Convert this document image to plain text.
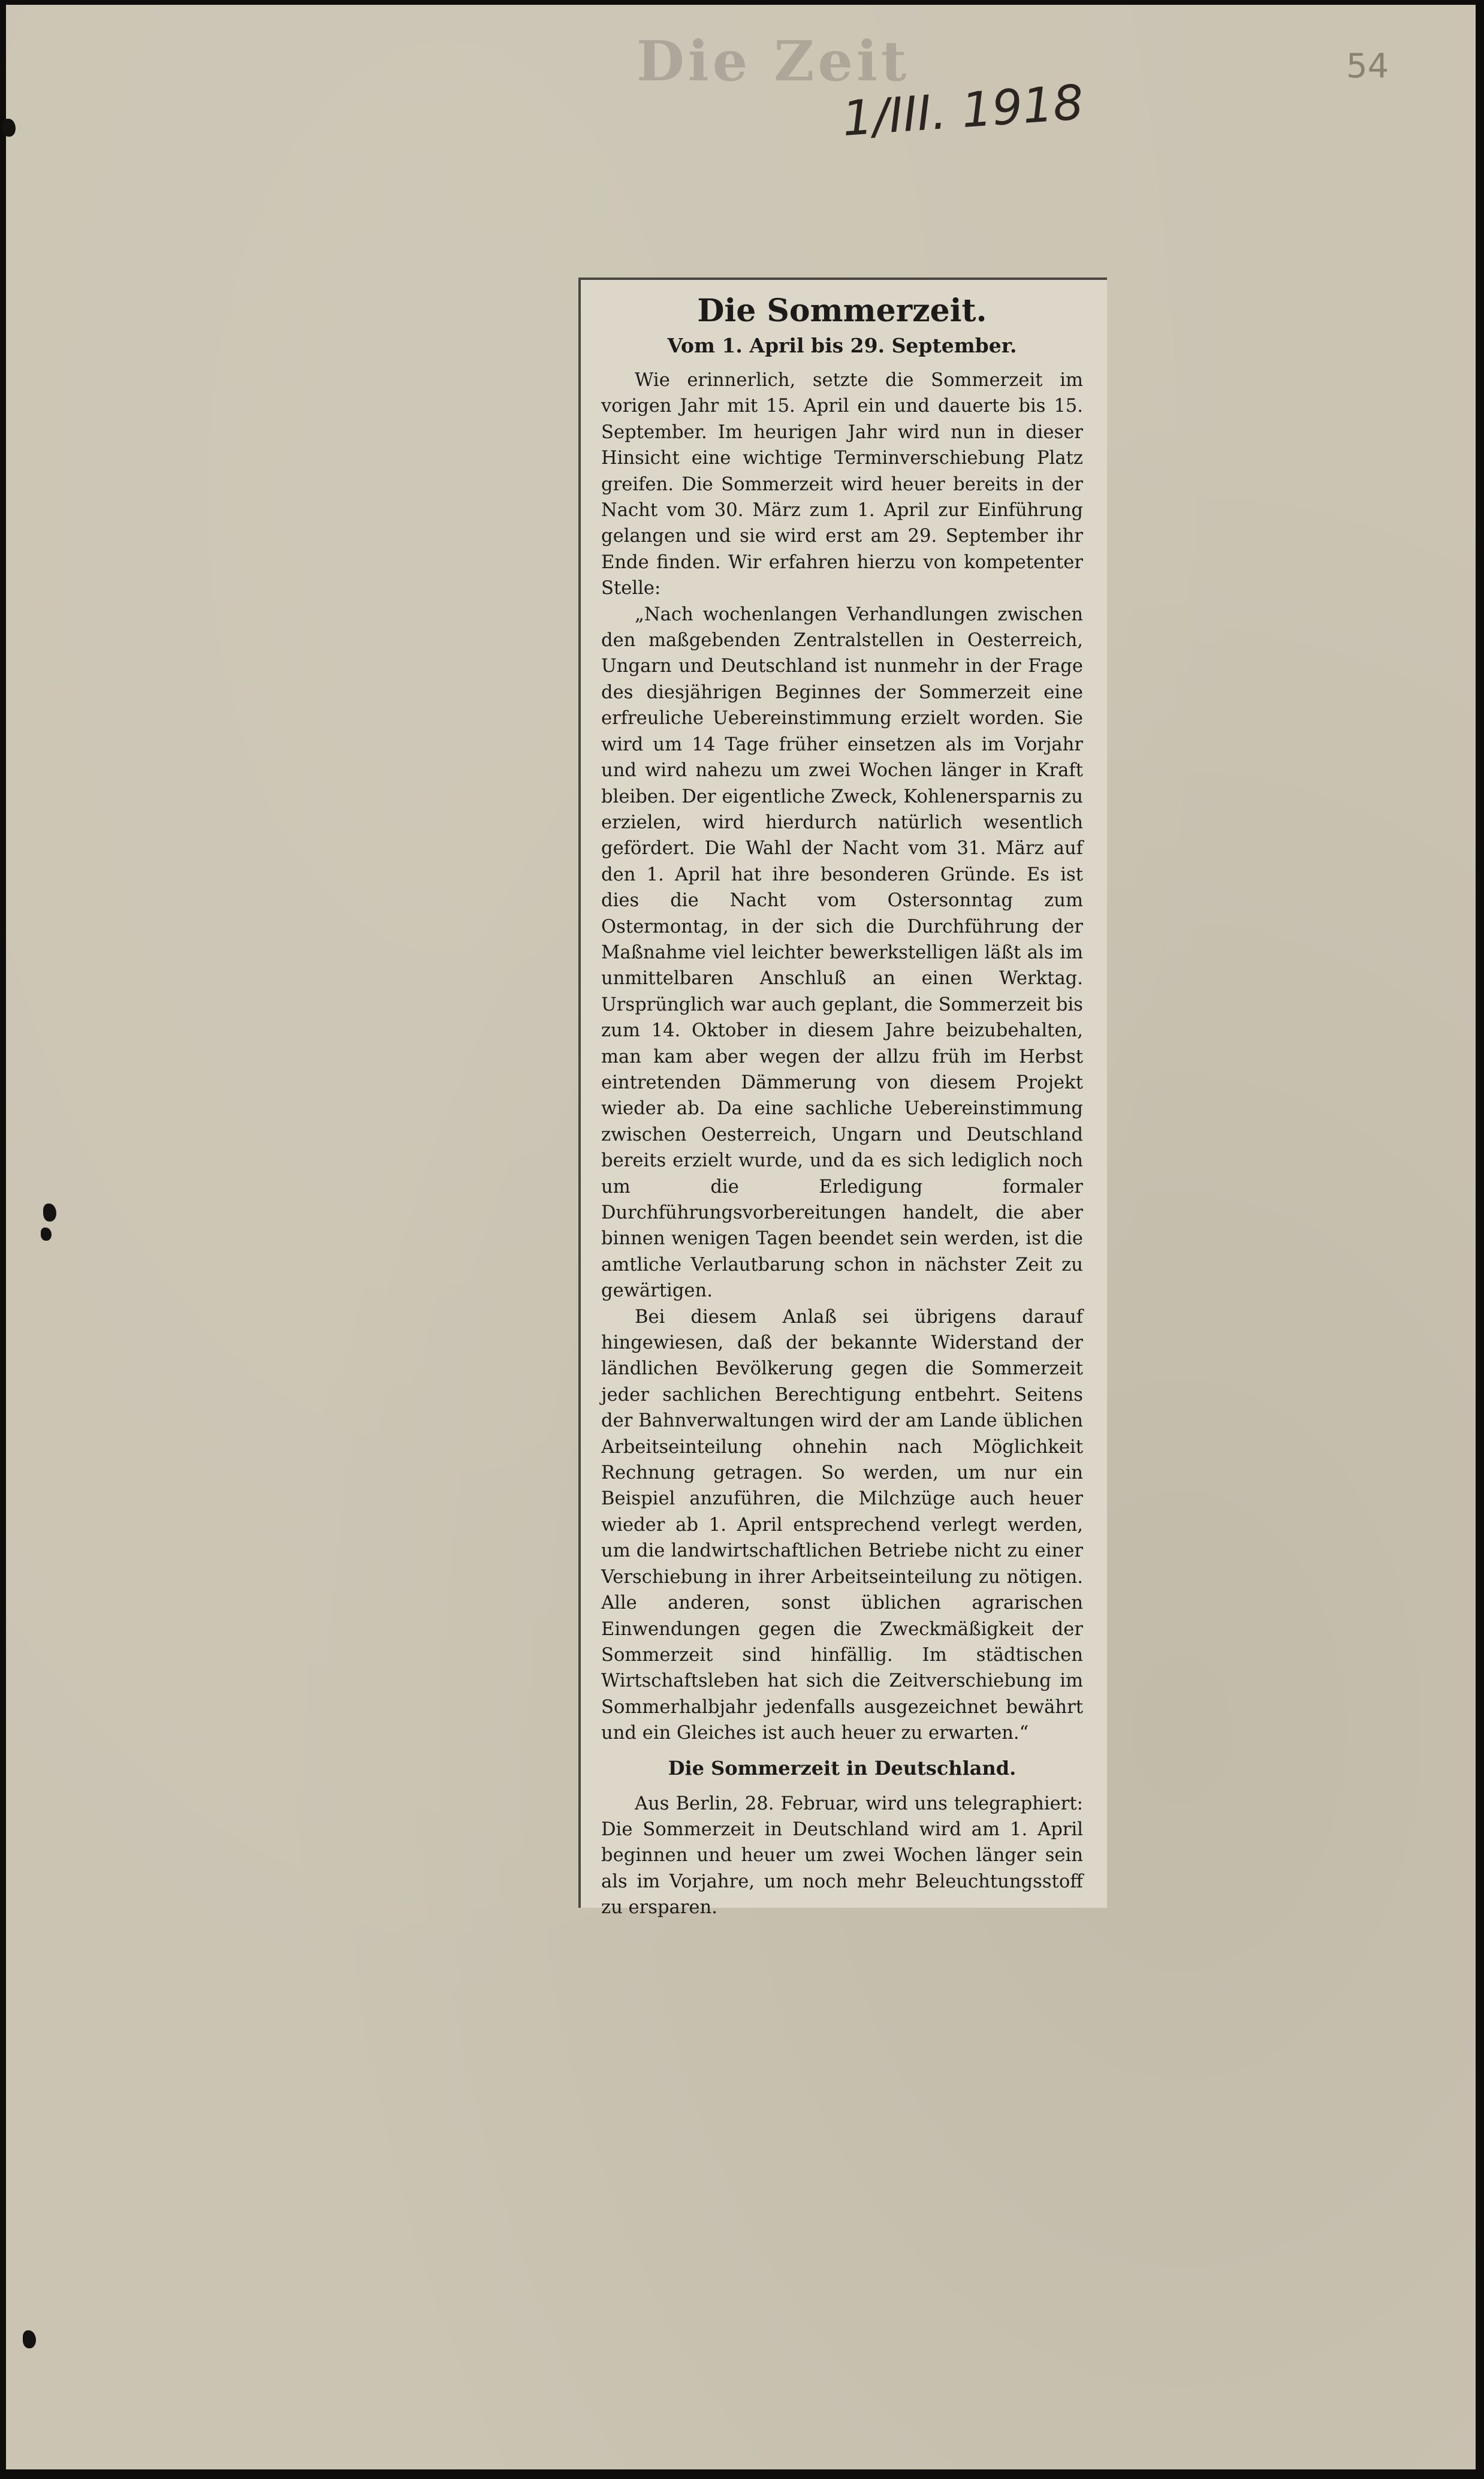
Die Zeit
1/III. 1918
54
Die Sommerzeit.
Vom 1. April bis 29. September.

Wie erinnerlich, setzte die Sommerzeit im vorigen Jahr mit 15. April ein und dauerte bis 15. September. Im heurigen Jahr wird nun in dieser Hinsicht eine wichtige Terminverschiebung Platz greifen. Die Sommerzeit wird heuer bereits in der Nacht vom 30. März zum 1. April zur Einführung gelangen und sie wird erst am 29. September ihr Ende finden. Wir erfahren hierzu von kompetenter Stelle:

„Nach wochenlangen Verhandlungen zwischen den maßgebenden Zentralstellen in Oesterreich, Ungarn und Deutschland ist nunmehr in der Frage des diesjährigen Beginnes der Sommerzeit eine erfreuliche Uebereinstimmung erzielt worden. Sie wird um 14 Tage früher einsetzen als im Vorjahr und wird nahezu um zwei Wochen länger in Kraft bleiben. Der eigentliche Zweck, Kohlenersparnis zu erzielen, wird hierdurch natürlich wesentlich gefördert. Die Wahl der Nacht vom 31. März auf den 1. April hat ihre besonderen Gründe. Es ist dies die Nacht vom Ostersonntag zum Ostermontag, in der sich die Durchführung der Maßnahme viel leichter bewerkstelligen läßt als im unmittelbaren Anschluß an einen Werktag. Ursprünglich war auch geplant, die Sommerzeit bis zum 14. Oktober in diesem Jahre beizubehalten, man kam aber wegen der allzu früh im Herbst eintretenden Dämmerung von diesem Projekt wieder ab. Da eine sachliche Uebereinstimmung zwischen Oesterreich, Ungarn und Deutschland bereits erzielt wurde, und da es sich lediglich noch um die Erledigung formaler Durchführungsvorbereitungen handelt, die aber binnen wenigen Tagen beendet sein werden, ist die amtliche Verlautbarung schon in nächster Zeit zu gewärtigen.

Bei diesem Anlaß sei übrigens darauf hingewiesen, daß der bekannte Widerstand der ländlichen Bevölkerung gegen die Sommerzeit jeder sachlichen Berechtigung entbehrt. Seitens der Bahnverwaltungen wird der am Lande üblichen Arbeitseinteilung ohnehin nach Möglichkeit Rechnung getragen. So werden, um nur ein Beispiel anzuführen, die Milchzüge auch heuer wieder ab 1. April entsprechend verlegt werden, um die landwirtschaftlichen Betriebe nicht zu einer Verschiebung in ihrer Arbeitseinteilung zu nötigen. Alle anderen, sonst üblichen agrarischen Einwendungen gegen die Zweckmäßigkeit der Sommerzeit sind hinfällig. Im städtischen Wirtschaftsleben hat sich die Zeitverschiebung im Sommerhalbjahr jedenfalls ausgezeichnet bewährt und ein Gleiches ist auch heuer zu erwarten.“

Die Sommerzeit in Deutschland.

Aus Berlin, 28. Februar, wird uns telegraphiert: Die Sommerzeit in Deutschland wird am 1. April beginnen und heuer um zwei Wochen länger sein als im Vorjahre, um noch mehr Beleuchtungsstoff zu ersparen.
